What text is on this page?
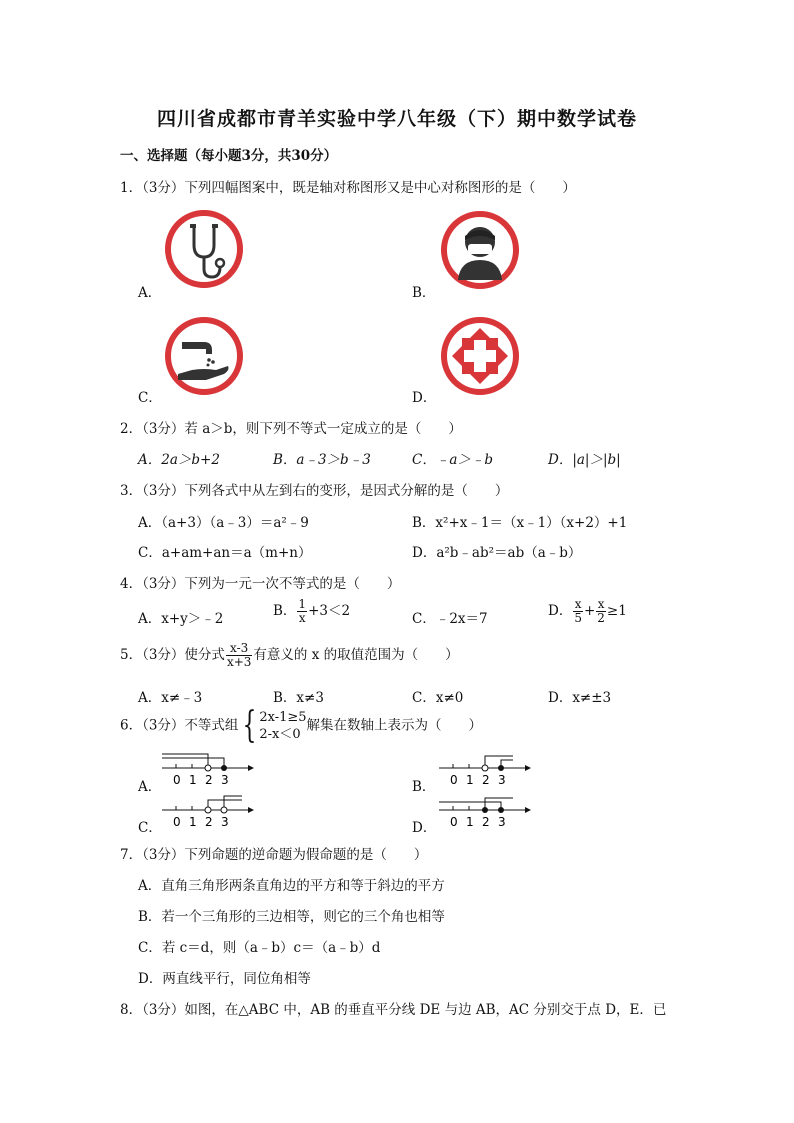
四川省成都市青羊实验中学八年级（下）期中数学试卷
一、选择题（每小题3分，共30分）
1．（3分）下列四幅图案中，既是轴对称图形又是中心对称图形的是（　　）
A．	B．
C．	D．
2．（3分）若 a＞b，则下列不等式一定成立的是（　　）
A．2a＞b+2	B．a﹣3＞b﹣3	C．﹣a＞﹣b	D．|a|＞|b|
3．（3分）下列各式中从左到右的变形，是因式分解的是（　　）
A．（a+3）（a﹣3）＝a²﹣9	B．x²+x﹣1＝（x﹣1）（x+2）+1
C．a+am+an＝a（m+n）	D．a²b﹣ab²＝ab（a﹣b）
4．（3分）下列为一元一次不等式的是（　　）
A．x+y＞﹣2	B． $\frac{1}{x} +3<2$	C．﹣2x＝7	D． $\frac{x}{5} + \frac{x}{2} \ge 1$
5．（3分）使分式 $\frac{x-3}{x+3}$ 有意义的 x 的取值范围为（　　）
A．x≠﹣3	B．x≠3	C．x≠0	D．x≠±3
6．（3分）不等式组 { 2x-1≥5
2-x＜0
解集在数轴上表示为（　　）
A． 0 1 2 3	B． 0 1 2 3
C． 0 1 2 3	D． 0 1 2 3
7．（3分）下列命题的逆命题为假命题的是（　　）
A．直角三角形两条直角边的平方和等于斜边的平方
B．若一个三角形的三边相等，则它的三个角也相等
C．若 c＝d，则（a﹣b）c＝（a﹣b）d
D．两直线平行，同位角相等
8．（3分）如图，在△ABC 中，AB 的垂直平分线 DE 与边 AB，AC 分别交于点 D，E．已
